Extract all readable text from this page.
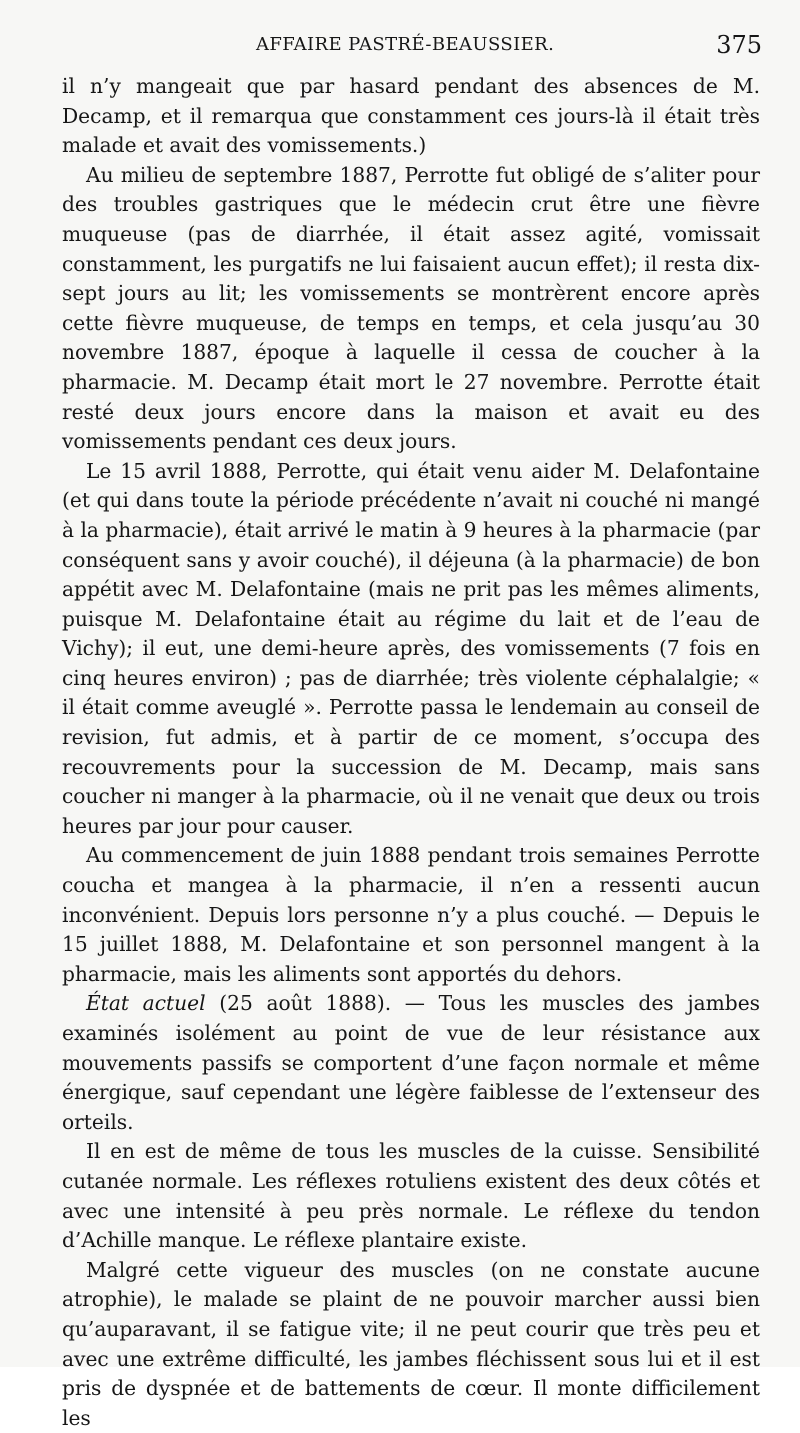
AFFAIRE PASTRÉ-BEAUSSIER.	375

il n’y mangeait que par hasard pendant des absences de M. Decamp, et il remarqua que constamment ces jours-là il était très malade et avait des vomissements.)

Au milieu de septembre 1887, Perrotte fut obligé de s’aliter pour des troubles gastriques que le médecin crut être une fièvre muqueuse (pas de diarrhée, il était assez agité, vomissait constamment, les purgatifs ne lui faisaient aucun effet); il resta dix-sept jours au lit; les vomissements se montrèrent encore après cette fièvre muqueuse, de temps en temps, et cela jusqu’au 30 novembre 1887, époque à laquelle il cessa de coucher à la pharmacie. M. Decamp était mort le 27 novembre. Perrotte était resté deux jours encore dans la maison et avait eu des vomissements pendant ces deux jours.

Le 15 avril 1888, Perrotte, qui était venu aider M. Delafontaine (et qui dans toute la période précédente n’avait ni couché ni mangé à la pharmacie), était arrivé le matin à 9 heures à la pharmacie (par conséquent sans y avoir couché), il déjeuna (à la pharmacie) de bon appétit avec M. Delafontaine (mais ne prit pas les mêmes aliments, puisque M. Delafontaine était au régime du lait et de l’eau de Vichy); il eut, une demi-heure après, des vomissements (7 fois en cinq heures environ) ; pas de diarrhée; très violente céphalalgie; « il était comme aveuglé ». Perrotte passa le lendemain au conseil de revision, fut admis, et à partir de ce moment, s’occupa des recouvrements pour la succession de M. Decamp, mais sans coucher ni manger à la pharmacie, où il ne venait que deux ou trois heures par jour pour causer.

Au commencement de juin 1888 pendant trois semaines Perrotte coucha et mangea à la pharmacie, il n’en a ressenti aucun inconvénient. Depuis lors personne n’y a plus couché. — Depuis le 15 juillet 1888, M. Delafontaine et son personnel mangent à la pharmacie, mais les aliments sont apportés du dehors.

État actuel (25 août 1888). — Tous les muscles des jambes examinés isolément au point de vue de leur résistance aux mouvements passifs se comportent d’une façon normale et même énergique, sauf cependant une légère faiblesse de l’extenseur des orteils.

Il en est de même de tous les muscles de la cuisse. Sensibilité cutanée normale. Les réflexes rotuliens existent des deux côtés et avec une intensité à peu près normale. Le réflexe du tendon d’Achille manque. Le réflexe plantaire existe.

Malgré cette vigueur des muscles (on ne constate aucune atrophie), le malade se plaint de ne pouvoir marcher aussi bien qu’auparavant, il se fatigue vite; il ne peut courir que très peu et avec une extrême difficulté, les jambes fléchissent sous lui et il est pris de dyspnée et de battements de cœur. Il monte difficilement les
